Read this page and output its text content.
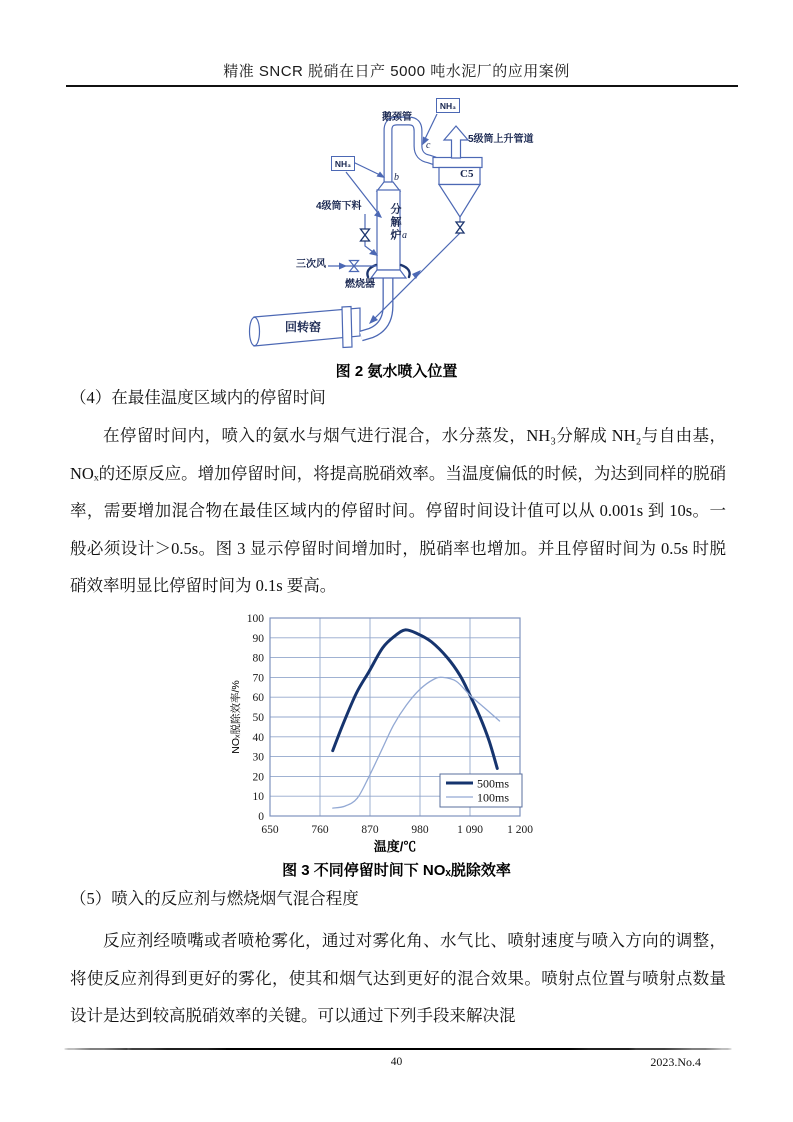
精准 SNCR 脱硝在日产 5000 吨水泥厂的应用案例
NH₃
NH₃
鹅颈管
5级筒上升管道
C5
4级筒下料 分解炉
三次风
燃烧器
回转窑
a
b
c
图 2 氨水喷入位置
（4）在最佳温度区域内的停留时间
在停留时间内，喷入的氨水与烟气进行混合，水分蒸发，NH₃分解成 NH₂与自由基，NOₓ的还原反应。增加停留时间，将提高脱硝效率。当温度偏低的时候，为达到同样的脱硝率，需要增加混合物在最佳区域内的停留时间。停留时间设计值可以从 0.001s 到 10s。一般必须设计＞0.5s。图 3 显示停留时间增加时，脱硝率也增加。并且停留时间为 0.5s 时脱硝效率明显比停留时间为 0.1s 要高。
650	760	870	980 1 090 1 200
0
10
20
30
40
50
60
70
80
90
100
温度/℃
NOₓ脱除效率/%
500ms
100ms
图 3 不同停留时间下 NOₓ脱除效率
（5）喷入的反应剂与燃烧烟气混合程度
反应剂经喷嘴或者喷枪雾化，通过对雾化角、水气比、喷射速度与喷入方向的调整，将使反应剂得到更好的雾化，使其和烟气达到更好的混合效果。喷射点位置与喷射点数量设计是达到较高脱硝效率的关键。可以通过下列手段来解决混
40	2023.No.4
